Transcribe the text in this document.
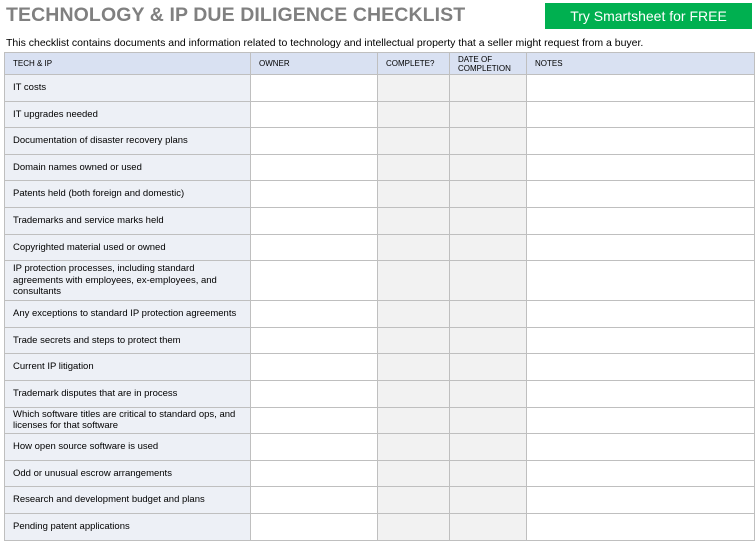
TECHNOLOGY & IP DUE DILIGENCE CHECKLIST	Try Smartsheet for FREE

This checklist contains documents and information related to technology and intellectual property that a seller might request from a buyer.

TECH & IP	OWNER	COMPLETE?	DATE OF COMPLETION	NOTES
IT costs				
IT upgrades needed				
Documentation of disaster recovery plans				
Domain names owned or used				
Patents held (both foreign and domestic)				
Trademarks and service marks held				
Copyrighted material used or owned				
IP protection processes, including standard agreements with employees, ex-employees, and consultants				
Any exceptions to standard IP protection agreements				
Trade secrets and steps to protect them				
Current IP litigation				
Trademark disputes that are in process				
Which software titles are critical to standard ops, and licenses for that software				
How open source software is used				
Odd or unusual escrow arrangements				
Research and development budget and plans				
Pending patent applications				
